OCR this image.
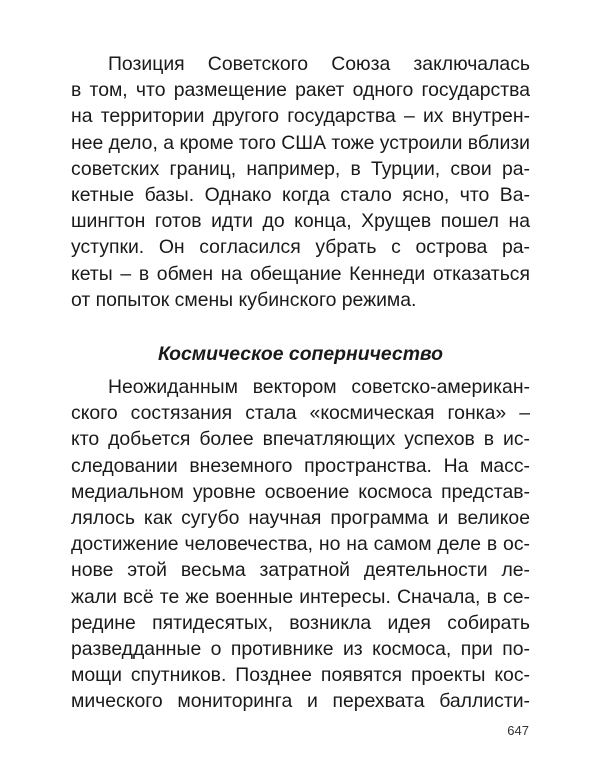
Позиция Советского Союза заключалась
в том, что размещение ракет одного государства
на территории другого государства – их внутрен-
нее дело, а кроме того США тоже устроили вблизи
советских границ, например, в Турции, свои ра-
кетные базы. Однако когда стало ясно, что Ва-
шингтон готов идти до конца, Хрущев пошел на
уступки. Он согласился убрать с острова ра-
кеты – в обмен на обещание Кеннеди отказаться
от попыток смены кубинского режима.
Космическое соперничество
Неожиданным вектором советско-американ-
ского состязания стала «космическая гонка» –
кто добьется более впечатляющих успехов в ис-
следовании внеземного пространства. На масс-
медиальном уровне освоение космоса представ-
лялось как сугубо научная программа и великое
достижение человечества, но на самом деле в ос-
нове этой весьма затратной деятельности ле-
жали всё те же военные интересы. Сначала, в се-
редине пятидесятых, возникла идея собирать
разведданные о противнике из космоса, при по-
мощи спутников. Позднее появятся проекты кос-
мического мониторинга и перехвата баллисти-
647
